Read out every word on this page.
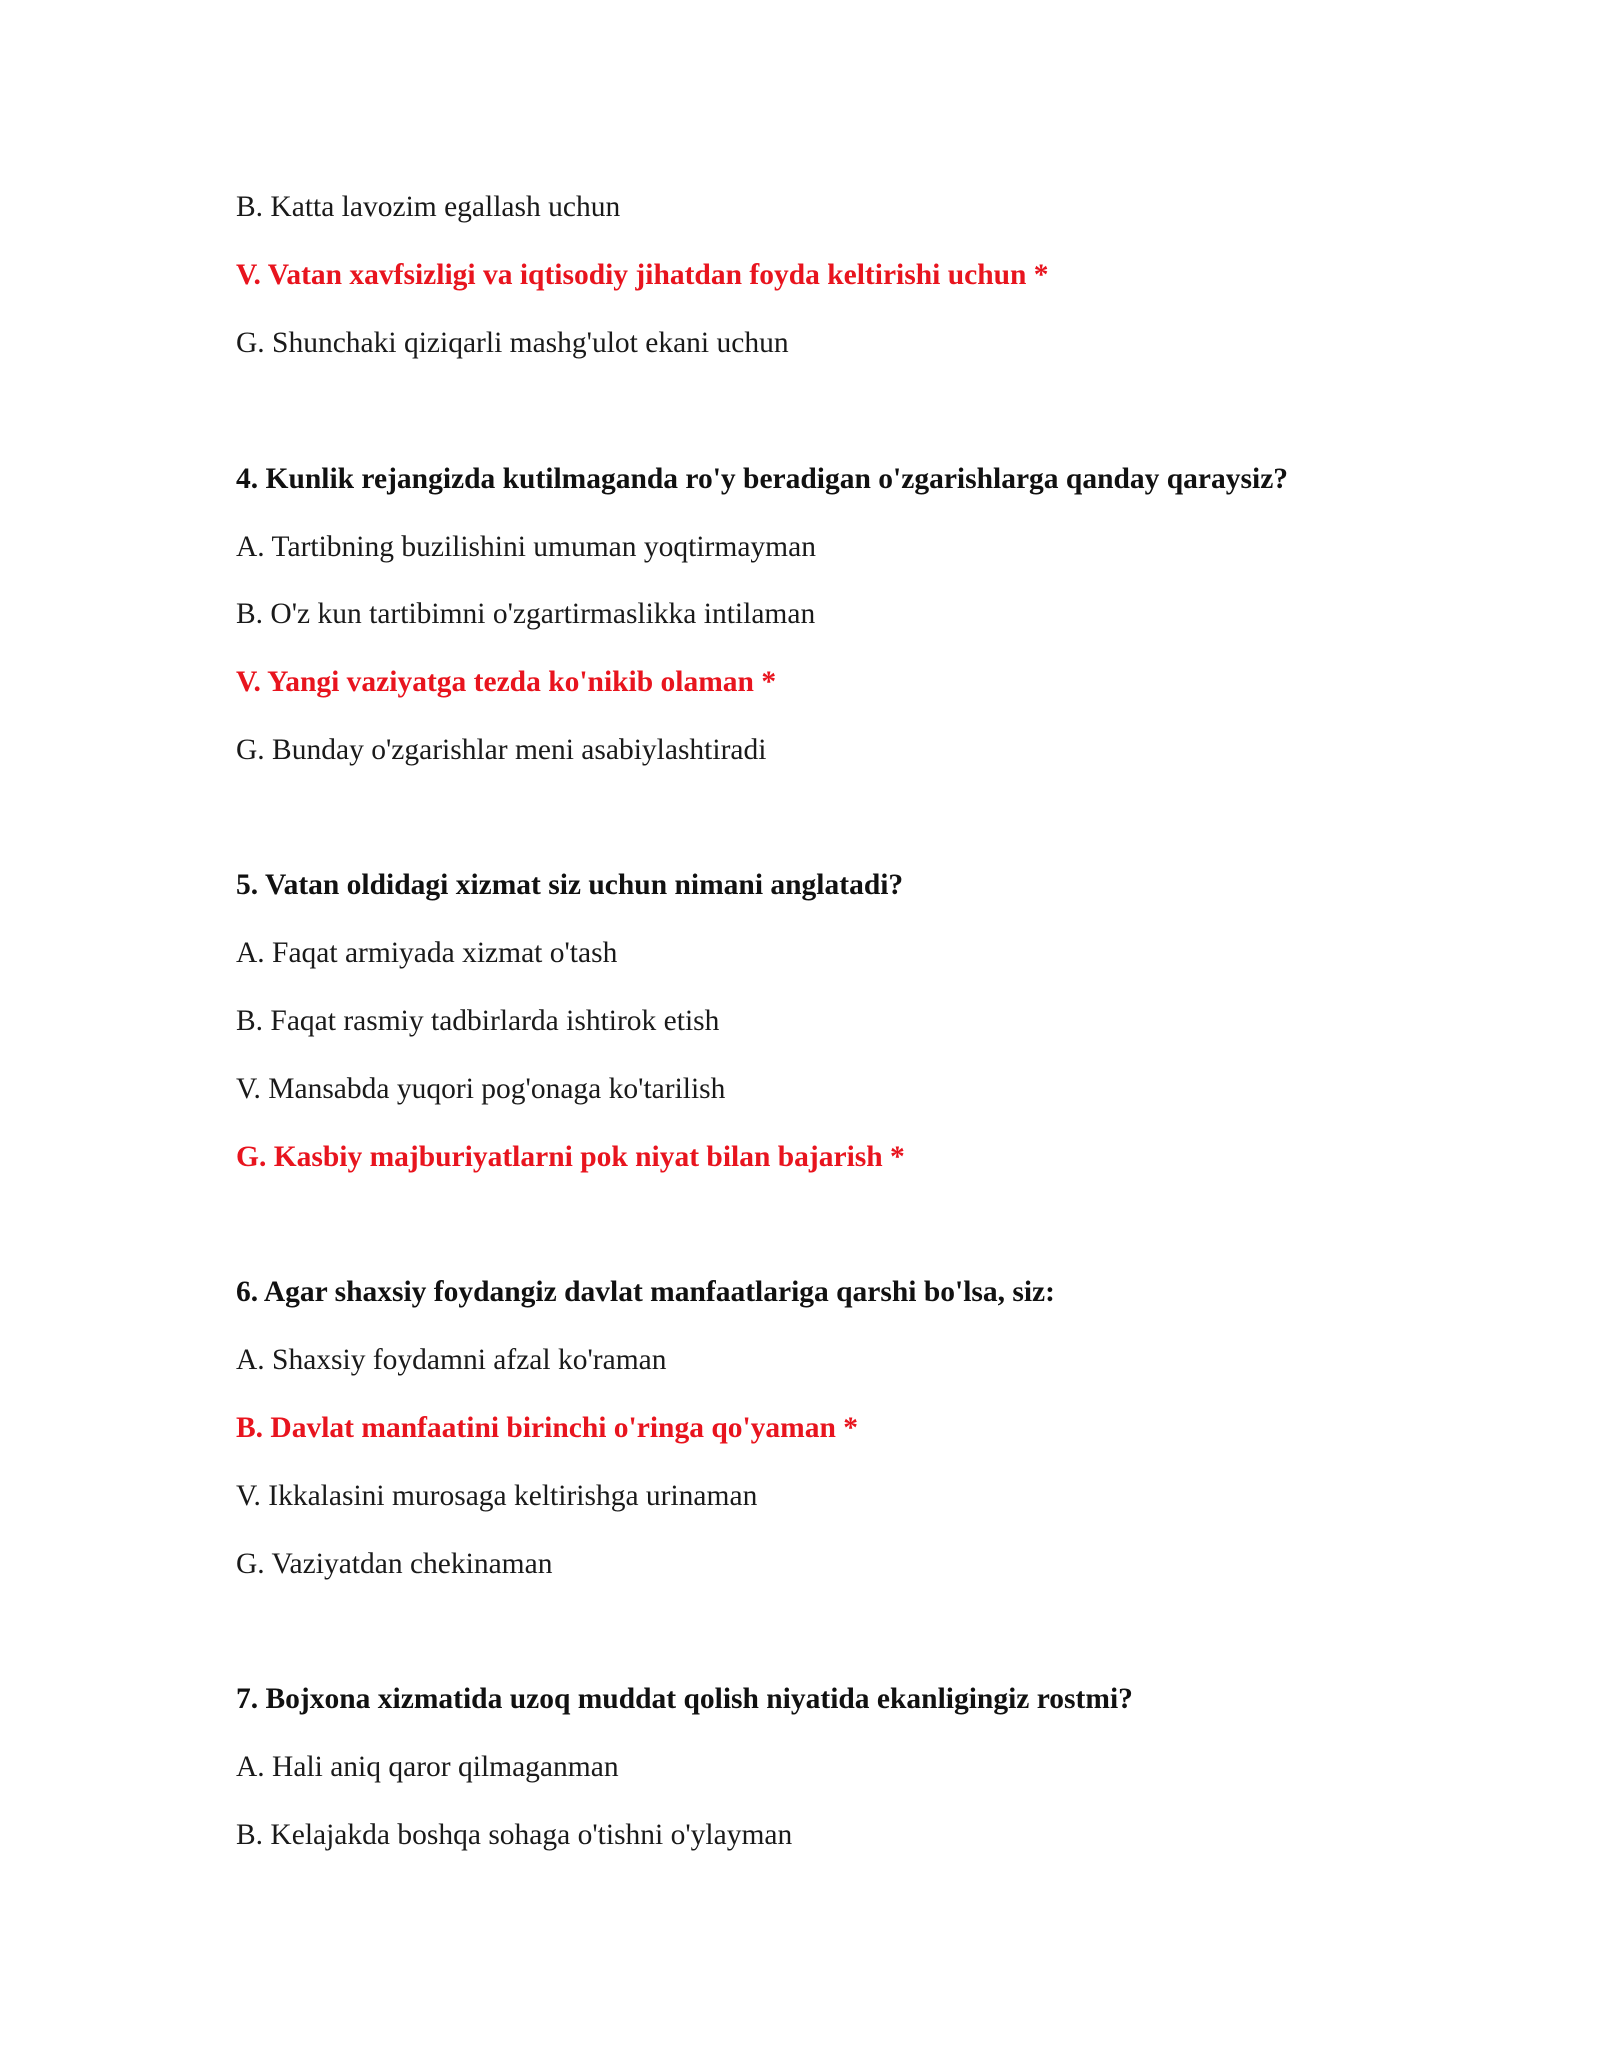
B. Katta lavozim egallash uchun
V. Vatan xavfsizligi va iqtisodiy jihatdan foyda keltirishi uchun *
G. Shunchaki qiziqarli mashg'ulot ekani uchun
4. Kunlik rejangizda kutilmaganda ro'y beradigan o'zgarishlarga qanday qaraysiz?
A. Tartibning buzilishini umuman yoqtirmayman
B. O'z kun tartibimni o'zgartirmaslikka intilaman
V. Yangi vaziyatga tezda ko'nikib olaman *
G. Bunday o'zgarishlar meni asabiylashtiradi
5. Vatan oldidagi xizmat siz uchun nimani anglatadi?
A. Faqat armiyada xizmat o'tash
B. Faqat rasmiy tadbirlarda ishtirok etish
V. Mansabda yuqori pog'onaga ko'tarilish
G. Kasbiy majburiyatlarni pok niyat bilan bajarish *
6. Agar shaxsiy foydangiz davlat manfaatlariga qarshi bo'lsa, siz:
A. Shaxsiy foydamni afzal ko'raman
B. Davlat manfaatini birinchi o'ringa qo'yaman *
V. Ikkalasini murosaga keltirishga urinaman
G. Vaziyatdan chekinaman
7. Bojxona xizmatida uzoq muddat qolish niyatida ekanligingiz rostmi?
A. Hali aniq qaror qilmaganman
B. Kelajakda boshqa sohaga o'tishni o'ylayman
